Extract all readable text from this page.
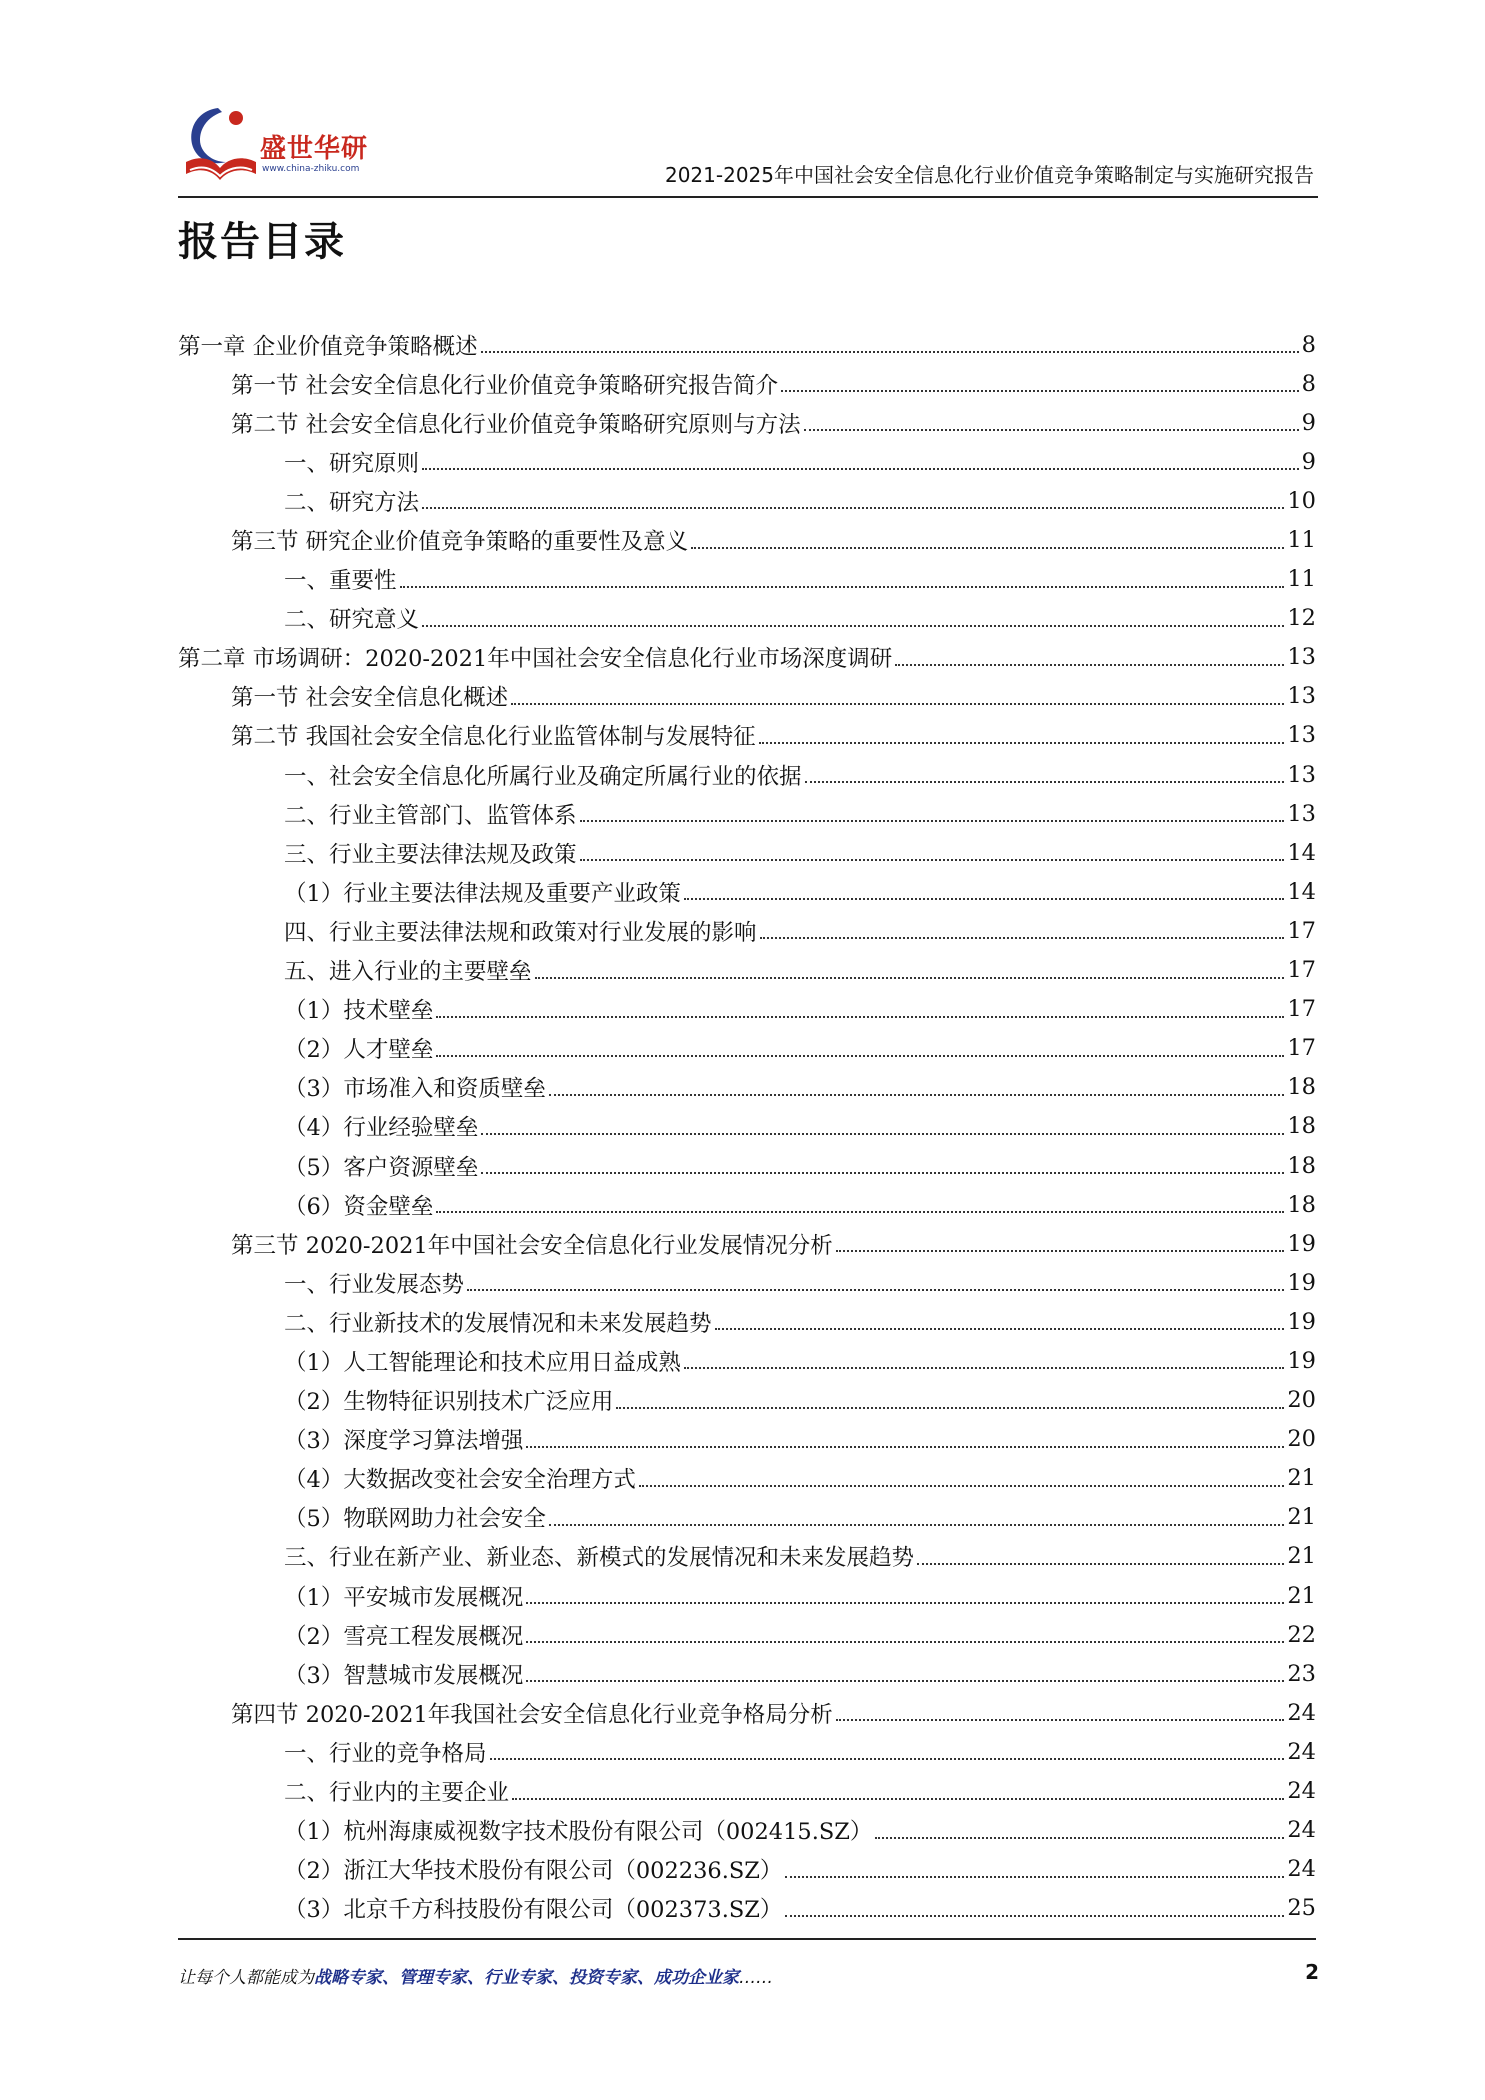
盛世华研
www.china-zhiku.com	2021-2025年中国社会安全信息化行业价值竞争策略制定与实施研究报告
报告目录
第一章 企业价值竞争策略概述	8
第一节 社会安全信息化行业价值竞争策略研究报告简介	8
第二节 社会安全信息化行业价值竞争策略研究原则与方法	9
一、研究原则	9
二、研究方法	10
第三节 研究企业价值竞争策略的重要性及意义	11
一、重要性	11
二、研究意义	12
第二章 市场调研：2020-2021年中国社会安全信息化行业市场深度调研	13
第一节 社会安全信息化概述	13
第二节 我国社会安全信息化行业监管体制与发展特征	13
一、社会安全信息化所属行业及确定所属行业的依据	13
二、行业主管部门、监管体系	13
三、行业主要法律法规及政策	14
（1）行业主要法律法规及重要产业政策	14
四、行业主要法律法规和政策对行业发展的影响	17
五、进入行业的主要壁垒	17
（1）技术壁垒	17
（2）人才壁垒	17
（3）市场准入和资质壁垒	18
（4）行业经验壁垒	18
（5）客户资源壁垒	18
（6）资金壁垒	18
第三节 2020-2021年中国社会安全信息化行业发展情况分析	19
一、行业发展态势	19
二、行业新技术的发展情况和未来发展趋势	19
（1）人工智能理论和技术应用日益成熟	19
（2）生物特征识别技术广泛应用	20
（3）深度学习算法增强	20
（4）大数据改变社会安全治理方式	21
（5）物联网助力社会安全	21
三、行业在新产业、新业态、新模式的发展情况和未来发展趋势	21
（1）平安城市发展概况	21
（2）雪亮工程发展概况	22
（3）智慧城市发展概况	23
第四节 2020-2021年我国社会安全信息化行业竞争格局分析	24
一、行业的竞争格局	24
二、行业内的主要企业	24
（1）杭州海康威视数字技术股份有限公司（002415.SZ）	24
（2）浙江大华技术股份有限公司（002236.SZ）	24
（3）北京千方科技股份有限公司（002373.SZ）	25
让每个人都能成为战略专家、管理专家、行业专家、投资专家、成功企业家……	2
